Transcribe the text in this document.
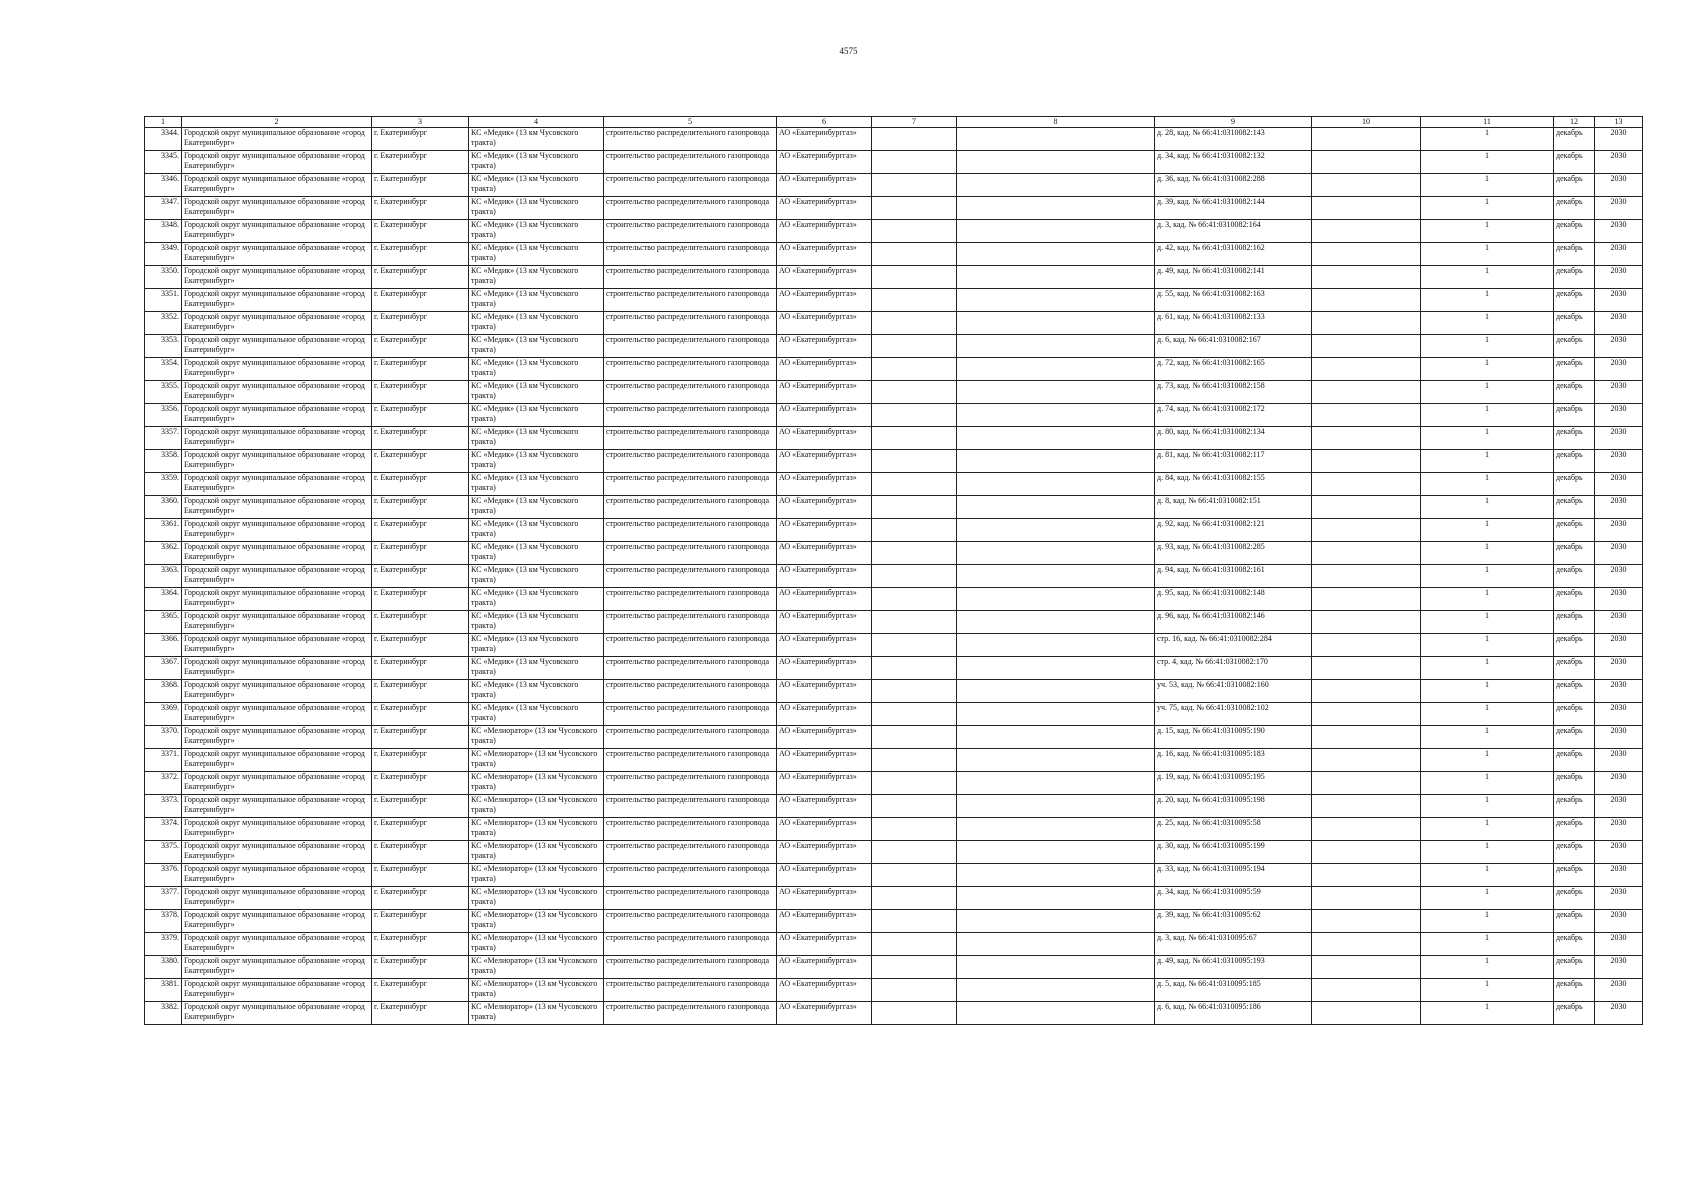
4575
1	2	3	4	5	6	7	8	9	10	11	12	13
3344.	Городской округ муниципальное образование «город Екатеринбург»	г. Екатеринбург	КС «Медик» (13 км Чусовского тракта)	строительство распределительного газопровода	АО «Екатеринбурггаз»			д. 28, кад. № 66:41:0310082:143		1	декабрь	2030
3345.	Городской округ муниципальное образование «город Екатеринбург»	г. Екатеринбург	КС «Медик» (13 км Чусовского тракта)	строительство распределительного газопровода	АО «Екатеринбурггаз»			д. 34, кад. № 66:41:0310082:132		1	декабрь	2030
3346.	Городской округ муниципальное образование «город Екатеринбург»	г. Екатеринбург	КС «Медик» (13 км Чусовского тракта)	строительство распределительного газопровода	АО «Екатеринбурггаз»			д. 36, кад. № 66:41:0310082:288		1	декабрь	2030
3347.	Городской округ муниципальное образование «город Екатеринбург»	г. Екатеринбург	КС «Медик» (13 км Чусовского тракта)	строительство распределительного газопровода	АО «Екатеринбурггаз»			д. 39, кад. № 66:41:0310082:144		1	декабрь	2030
3348.	Городской округ муниципальное образование «город Екатеринбург»	г. Екатеринбург	КС «Медик» (13 км Чусовского тракта)	строительство распределительного газопровода	АО «Екатеринбурггаз»			д. 3, кад. № 66:41:0310082:164		1	декабрь	2030
3349.	Городской округ муниципальное образование «город Екатеринбург»	г. Екатеринбург	КС «Медик» (13 км Чусовского тракта)	строительство распределительного газопровода	АО «Екатеринбурггаз»			д. 42, кад. № 66:41:0310082:162		1	декабрь	2030
3350.	Городской округ муниципальное образование «город Екатеринбург»	г. Екатеринбург	КС «Медик» (13 км Чусовского тракта)	строительство распределительного газопровода	АО «Екатеринбурггаз»			д. 49, кад. № 66:41:0310082:141		1	декабрь	2030
3351.	Городской округ муниципальное образование «город Екатеринбург»	г. Екатеринбург	КС «Медик» (13 км Чусовского тракта)	строительство распределительного газопровода	АО «Екатеринбурггаз»			д. 55, кад. № 66:41:0310082:163		1	декабрь	2030
3352.	Городской округ муниципальное образование «город Екатеринбург»	г. Екатеринбург	КС «Медик» (13 км Чусовского тракта)	строительство распределительного газопровода	АО «Екатеринбурггаз»			д. 61, кад. № 66:41:0310082:133		1	декабрь	2030
3353.	Городской округ муниципальное образование «город Екатеринбург»	г. Екатеринбург	КС «Медик» (13 км Чусовского тракта)	строительство распределительного газопровода	АО «Екатеринбурггаз»			д. 6, кад. № 66:41:0310082:167		1	декабрь	2030
3354.	Городской округ муниципальное образование «город Екатеринбург»	г. Екатеринбург	КС «Медик» (13 км Чусовского тракта)	строительство распределительного газопровода	АО «Екатеринбурггаз»			д. 72, кад. № 66:41:0310082:165		1	декабрь	2030
3355.	Городской округ муниципальное образование «город Екатеринбург»	г. Екатеринбург	КС «Медик» (13 км Чусовского тракта)	строительство распределительного газопровода	АО «Екатеринбурггаз»			д. 73, кад. № 66:41:0310082:158		1	декабрь	2030
3356.	Городской округ муниципальное образование «город Екатеринбург»	г. Екатеринбург	КС «Медик» (13 км Чусовского тракта)	строительство распределительного газопровода	АО «Екатеринбурггаз»			д. 74, кад. № 66:41:0310082:172		1	декабрь	2030
3357.	Городской округ муниципальное образование «город Екатеринбург»	г. Екатеринбург	КС «Медик» (13 км Чусовского тракта)	строительство распределительного газопровода	АО «Екатеринбурггаз»			д. 80, кад. № 66:41:0310082:134		1	декабрь	2030
3358.	Городской округ муниципальное образование «город Екатеринбург»	г. Екатеринбург	КС «Медик» (13 км Чусовского тракта)	строительство распределительного газопровода	АО «Екатеринбурггаз»			д. 81, кад. № 66:41:0310082:117		1	декабрь	2030
3359.	Городской округ муниципальное образование «город Екатеринбург»	г. Екатеринбург	КС «Медик» (13 км Чусовского тракта)	строительство распределительного газопровода	АО «Екатеринбурггаз»			д. 84, кад. № 66:41:0310082:155		1	декабрь	2030
3360.	Городской округ муниципальное образование «город Екатеринбург»	г. Екатеринбург	КС «Медик» (13 км Чусовского тракта)	строительство распределительного газопровода	АО «Екатеринбурггаз»			д. 8, кад. № 66:41:0310082:151		1	декабрь	2030
3361.	Городской округ муниципальное образование «город Екатеринбург»	г. Екатеринбург	КС «Медик» (13 км Чусовского тракта)	строительство распределительного газопровода	АО «Екатеринбурггаз»			д. 92, кад. № 66:41:0310082:121		1	декабрь	2030
3362.	Городской округ муниципальное образование «город Екатеринбург»	г. Екатеринбург	КС «Медик» (13 км Чусовского тракта)	строительство распределительного газопровода	АО «Екатеринбурггаз»			д. 93, кад. № 66:41:0310082:285		1	декабрь	2030
3363.	Городской округ муниципальное образование «город Екатеринбург»	г. Екатеринбург	КС «Медик» (13 км Чусовского тракта)	строительство распределительного газопровода	АО «Екатеринбурггаз»			д. 94, кад. № 66:41:0310082:161		1	декабрь	2030
3364.	Городской округ муниципальное образование «город Екатеринбург»	г. Екатеринбург	КС «Медик» (13 км Чусовского тракта)	строительство распределительного газопровода	АО «Екатеринбурггаз»			д. 95, кад. № 66:41:0310082:148		1	декабрь	2030
3365.	Городской округ муниципальное образование «город Екатеринбург»	г. Екатеринбург	КС «Медик» (13 км Чусовского тракта)	строительство распределительного газопровода	АО «Екатеринбурггаз»			д. 96, кад. № 66:41:0310082:146		1	декабрь	2030
3366.	Городской округ муниципальное образование «город Екатеринбург»	г. Екатеринбург	КС «Медик» (13 км Чусовского тракта)	строительство распределительного газопровода	АО «Екатеринбурггаз»			стр. 16, кад. № 66:41:0310082:284		1	декабрь	2030
3367.	Городской округ муниципальное образование «город Екатеринбург»	г. Екатеринбург	КС «Медик» (13 км Чусовского тракта)	строительство распределительного газопровода	АО «Екатеринбурггаз»			стр. 4, кад. № 66:41:0310082:170		1	декабрь	2030
3368.	Городской округ муниципальное образование «город Екатеринбург»	г. Екатеринбург	КС «Медик» (13 км Чусовского тракта)	строительство распределительного газопровода	АО «Екатеринбурггаз»			уч. 53, кад. № 66:41:0310082:160		1	декабрь	2030
3369.	Городской округ муниципальное образование «город Екатеринбург»	г. Екатеринбург	КС «Медик» (13 км Чусовского тракта)	строительство распределительного газопровода	АО «Екатеринбурггаз»			уч. 75, кад. № 66:41:0310082:102		1	декабрь	2030
3370.	Городской округ муниципальное образование «город Екатеринбург»	г. Екатеринбург	КС «Мелиоратор» (13 км Чусовского тракта)	строительство распределительного газопровода	АО «Екатеринбурггаз»			д. 15, кад. № 66:41:0310095:190		1	декабрь	2030
3371.	Городской округ муниципальное образование «город Екатеринбург»	г. Екатеринбург	КС «Мелиоратор» (13 км Чусовского тракта)	строительство распределительного газопровода	АО «Екатеринбурггаз»			д. 16, кад. № 66:41:0310095:183		1	декабрь	2030
3372.	Городской округ муниципальное образование «город Екатеринбург»	г. Екатеринбург	КС «Мелиоратор» (13 км Чусовского тракта)	строительство распределительного газопровода	АО «Екатеринбурггаз»			д. 19, кад. № 66:41:0310095:195		1	декабрь	2030
3373.	Городской округ муниципальное образование «город Екатеринбург»	г. Екатеринбург	КС «Мелиоратор» (13 км Чусовского тракта)	строительство распределительного газопровода	АО «Екатеринбурггаз»			д. 20, кад. № 66:41:0310095:198		1	декабрь	2030
3374.	Городской округ муниципальное образование «город Екатеринбург»	г. Екатеринбург	КС «Мелиоратор» (13 км Чусовского тракта)	строительство распределительного газопровода	АО «Екатеринбурггаз»			д. 25, кад. № 66:41:0310095:58		1	декабрь	2030
3375.	Городской округ муниципальное образование «город Екатеринбург»	г. Екатеринбург	КС «Мелиоратор» (13 км Чусовского тракта)	строительство распределительного газопровода	АО «Екатеринбурггаз»			д. 30, кад. № 66:41:0310095:199		1	декабрь	2030
3376.	Городской округ муниципальное образование «город Екатеринбург»	г. Екатеринбург	КС «Мелиоратор» (13 км Чусовского тракта)	строительство распределительного газопровода	АО «Екатеринбурггаз»			д. 33, кад. № 66:41:0310095:194		1	декабрь	2030
3377.	Городской округ муниципальное образование «город Екатеринбург»	г. Екатеринбург	КС «Мелиоратор» (13 км Чусовского тракта)	строительство распределительного газопровода	АО «Екатеринбурггаз»			д. 34, кад. № 66:41:0310095:59		1	декабрь	2030
3378.	Городской округ муниципальное образование «город Екатеринбург»	г. Екатеринбург	КС «Мелиоратор» (13 км Чусовского тракта)	строительство распределительного газопровода	АО «Екатеринбурггаз»			д. 39, кад. № 66:41:0310095:62		1	декабрь	2030
3379.	Городской округ муниципальное образование «город Екатеринбург»	г. Екатеринбург	КС «Мелиоратор» (13 км Чусовского тракта)	строительство распределительного газопровода	АО «Екатеринбурггаз»			д. 3, кад. № 66:41:0310095:67		1	декабрь	2030
3380.	Городской округ муниципальное образование «город Екатеринбург»	г. Екатеринбург	КС «Мелиоратор» (13 км Чусовского тракта)	строительство распределительного газопровода	АО «Екатеринбурггаз»			д. 49, кад. № 66:41:0310095:193		1	декабрь	2030
3381.	Городской округ муниципальное образование «город Екатеринбург»	г. Екатеринбург	КС «Мелиоратор» (13 км Чусовского тракта)	строительство распределительного газопровода	АО «Екатеринбурггаз»			д. 5, кад. № 66:41:0310095:185		1	декабрь	2030
3382.	Городской округ муниципальное образование «город Екатеринбург»	г. Екатеринбург	КС «Мелиоратор» (13 км Чусовского тракта)	строительство распределительного газопровода	АО «Екатеринбурггаз»			д. 6, кад. № 66:41:0310095:186		1	декабрь	2030
